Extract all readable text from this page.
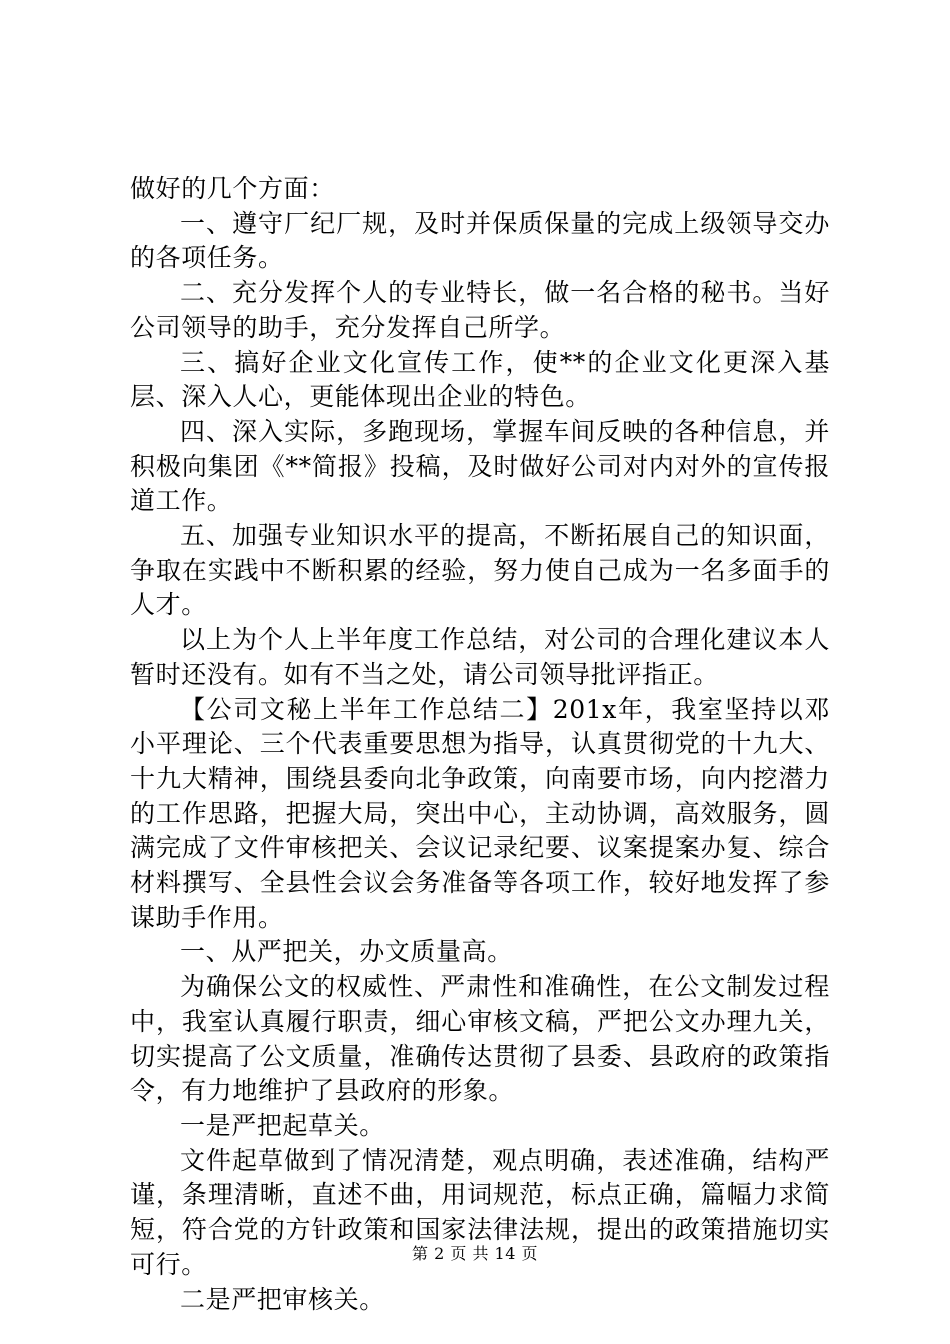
做好的几个方面：

一、遵守厂纪厂规，及时并保质保量的完成上级领导交办的各项任务。

二、充分发挥个人的专业特长，做一名合格的秘书。当好公司领导的助手，充分发挥自己所学。

三、搞好企业文化宣传工作，使**的企业文化更深入基层、深入人心，更能体现出企业的特色。

四、深入实际，多跑现场，掌握车间反映的各种信息，并积极向集团《**简报》投稿，及时做好公司对内对外的宣传报道工作。

五、加强专业知识水平的提高，不断拓展自己的知识面，争取在实践中不断积累的经验，努力使自己成为一名多面手的人才。

以上为个人上半年度工作总结，对公司的合理化建议本人暂时还没有。如有不当之处，请公司领导批评指正。

【公司文秘上半年工作总结二】201x年，我室坚持以邓小平理论、三个代表重要思想为指导，认真贯彻党的十九大、十九大精神，围绕县委向北争政策，向南要市场，向内挖潜力的工作思路，把握大局，突出中心，主动协调，高效服务，圆满完成了文件审核把关、会议记录纪要、议案提案办复、综合材料撰写、全县性会议会务准备等各项工作，较好地发挥了参谋助手作用。

一、从严把关，办文质量高。

为确保公文的权威性、严肃性和准确性，在公文制发过程中，我室认真履行职责，细心审核文稿，严把公文办理九关，切实提高了公文质量，准确传达贯彻了县委、县政府的政策指令，有力地维护了县政府的形象。

一是严把起草关。

文件起草做到了情况清楚，观点明确，表述准确，结构严谨，条理清晰，直述不曲，用词规范，标点正确，篇幅力求简短，符合党的方针政策和国家法律法规，提出的政策措施切实可行。

二是严把审核关。

第 2 页 共 14 页
